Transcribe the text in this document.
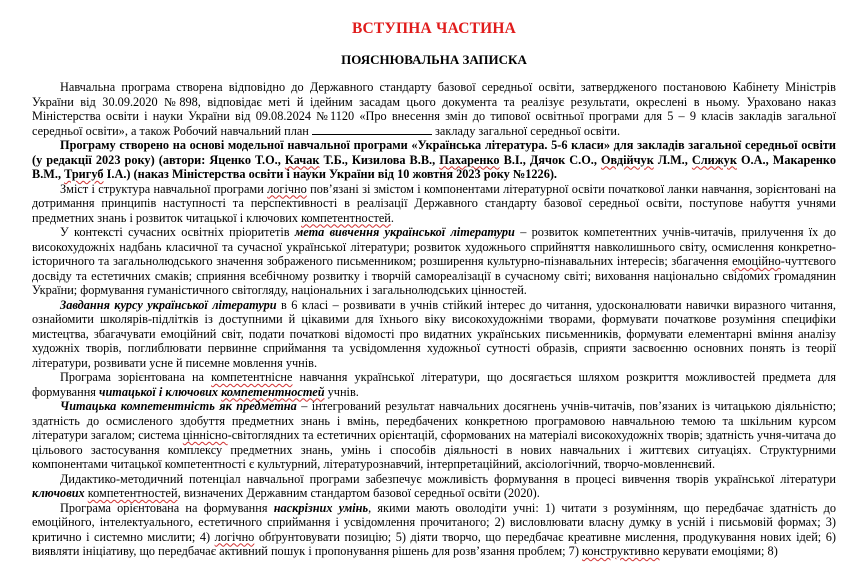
ВСТУПНА ЧАСТИНА
ПОЯСНЮВАЛЬНА ЗАПИСКА

Навчальна програма створена відповідно до Державного стандарту базової середньої освіти, затвердженого постановою Кабінету Міністрів України від 30.09.2020 №898, відповідає меті й ідейним засадам цього документа та реалізує результати, окреслені в ньому. Ураховано наказ Міністерства освіти і науки України від 09.08.2024 №1120 «Про внесення змін до типової освітньої програми для 5 – 9 класів закладів загальної середньої освіти», а також Робочий навчальний план	закладу загальної середньої освіти.

Програму створено на основі модельної навчальної програми «Українська література. 5-6 класи» для закладів загальної середньої освіти (у редакції 2023 року) (автори: Яценко Т.О., Качак Т.Б., Кизилова В.В., Пахаренко В.І., Дячок С.О., Овдійчук Л.М., Слижук О.А., Макаренко В.М., Тригуб І.А.) (наказ Міністерства освіти і науки України від 10 жовтня 2023 року №1226).

Зміст і структура навчальної програми логічно пов’язані зі змістом і компонентами літературної освіти початкової ланки навчання, зорієнтовані на дотримання принципів наступності та перспективності в реалізації Державного стандарту базової середньої освіти, поступове набуття учнями предметних знань і розвиток читацької і ключових компетентностей.

У контексті сучасних освітніх пріоритетів мета вивчення української літератури – розвиток компетентних учнів-читачів, прилучення їх до високохудожніх надбань класичної та сучасної української літератури; розвиток художнього сприйняття навколишнього світу, осмислення конкретно-історичного та загальнолюдського значення зображеного письменником; розширення культурно-пізнавальних інтересів; збагачення емоційно-чуттєвого досвіду та естетичних смаків; сприяння всебічному розвитку і творчій самореалізації в сучасному світі; виховання національно свідомих громадянин України; формування гуманістичного світогляду, національних і загальнолюдських цінностей.

Завдання курсу української літератури в 6 класі – розвивати в учнів стійкий інтерес до читання, удосконалювати навички виразного читання, ознайомити школярів-підлітків із доступними й цікавими для їхнього віку високохудожніми творами, формувати початкове розуміння специфіки мистецтва, збагачувати емоційний світ, подати початкові відомості про видатних українських письменників, формувати елементарні вміння аналізу художніх творів, поглиблювати первинне сприймання та усвідомлення художньої сутності образів, сприяти засвоєнню основних понять із теорії літератури, розвивати усне й писемне мовлення учнів.

Програма зорієнтована на компетентнісне навчання української літератури, що досягається шляхом розкриття можливостей предмета для формування читацької і ключових компетентностей учнів.

Читацька компетентність як предметна – інтегрований результат навчальних досягнень учнів-читачів, пов’язаних із читацькою діяльністю; здатність до осмисленого здобуття предметних знань і вмінь, передбачених конкретною програмовою навчальною темою та шкільним курсом літератури загалом; система ціннісно-світоглядних та естетичних орієнтацій, сформованих на матеріалі високохудожніх творів; здатність учня-читача до цільового застосування комплексу предметних знань, умінь і способів діяльності в нових навчальних і життєвих ситуаціях. Структурними компонентами читацької компетентності є культурний, літературознавчий, інтерпретаційний, аксіологічний, творчо-мовленнєвий.

Дидактико-методичний потенціал навчальної програми забезпечує можливість формування в процесі вивчення творів української літератури ключових компетентностей, визначених Державним стандартом базової середньої освіти (2020).

Програма орієнтована на формування наскрізних умінь, якими мають оволодіти учні: 1) читати з розумінням, що передбачає здатність до емоційного, інтелектуального, естетичного сприймання і усвідомлення прочитаного; 2) висловлювати власну думку в усній і письмовій формах; 3) критично і системно мислити; 4) логічно обґрунтовувати позицію; 5) діяти творчо, що передбачає креативне мислення, продукування нових ідей; 6) виявляти ініціативу, що передбачає активний пошук і пропонування рішень для розв’язання проблем; 7) конструктивно керувати емоціями; 8)
